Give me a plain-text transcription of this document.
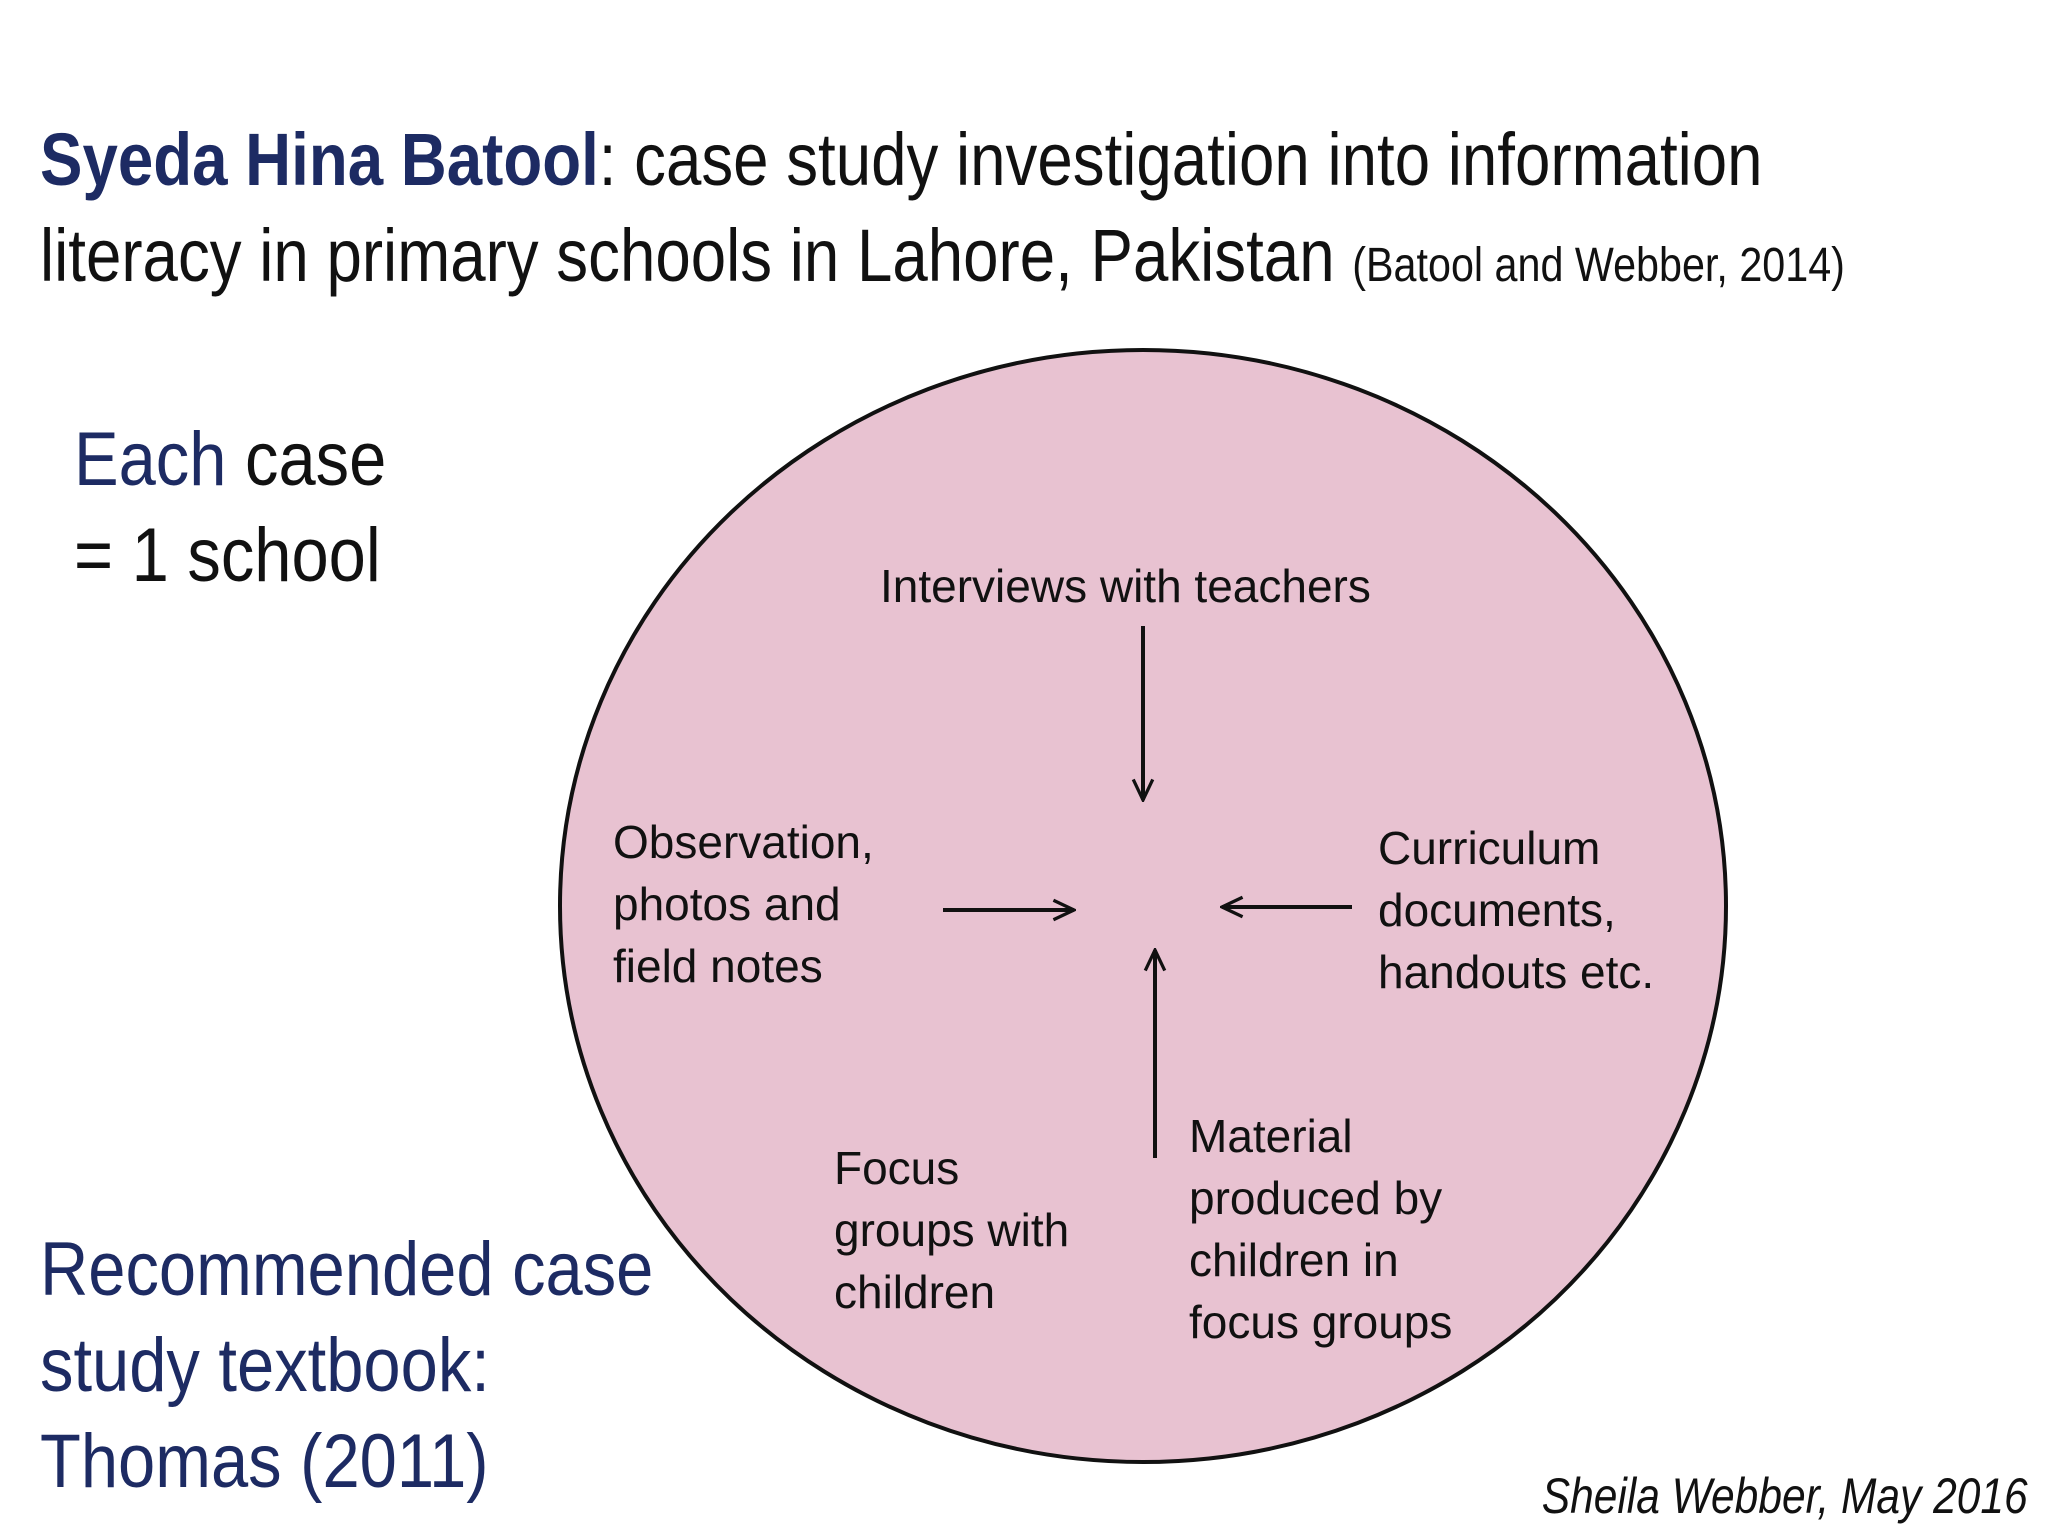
Syeda Hina Batool: case study investigation into information
literacy in primary schools in Lahore, Pakistan (Batool and Webber, 2014)
Each case
= 1 school
Recommended case
study textbook:
Thomas (2011)
Interviews with teachers
Observation, photos and field notes
Curriculum documents, handouts etc.
Focus groups with children
Material produced by children in focus groups
Sheila Webber, May 2016
